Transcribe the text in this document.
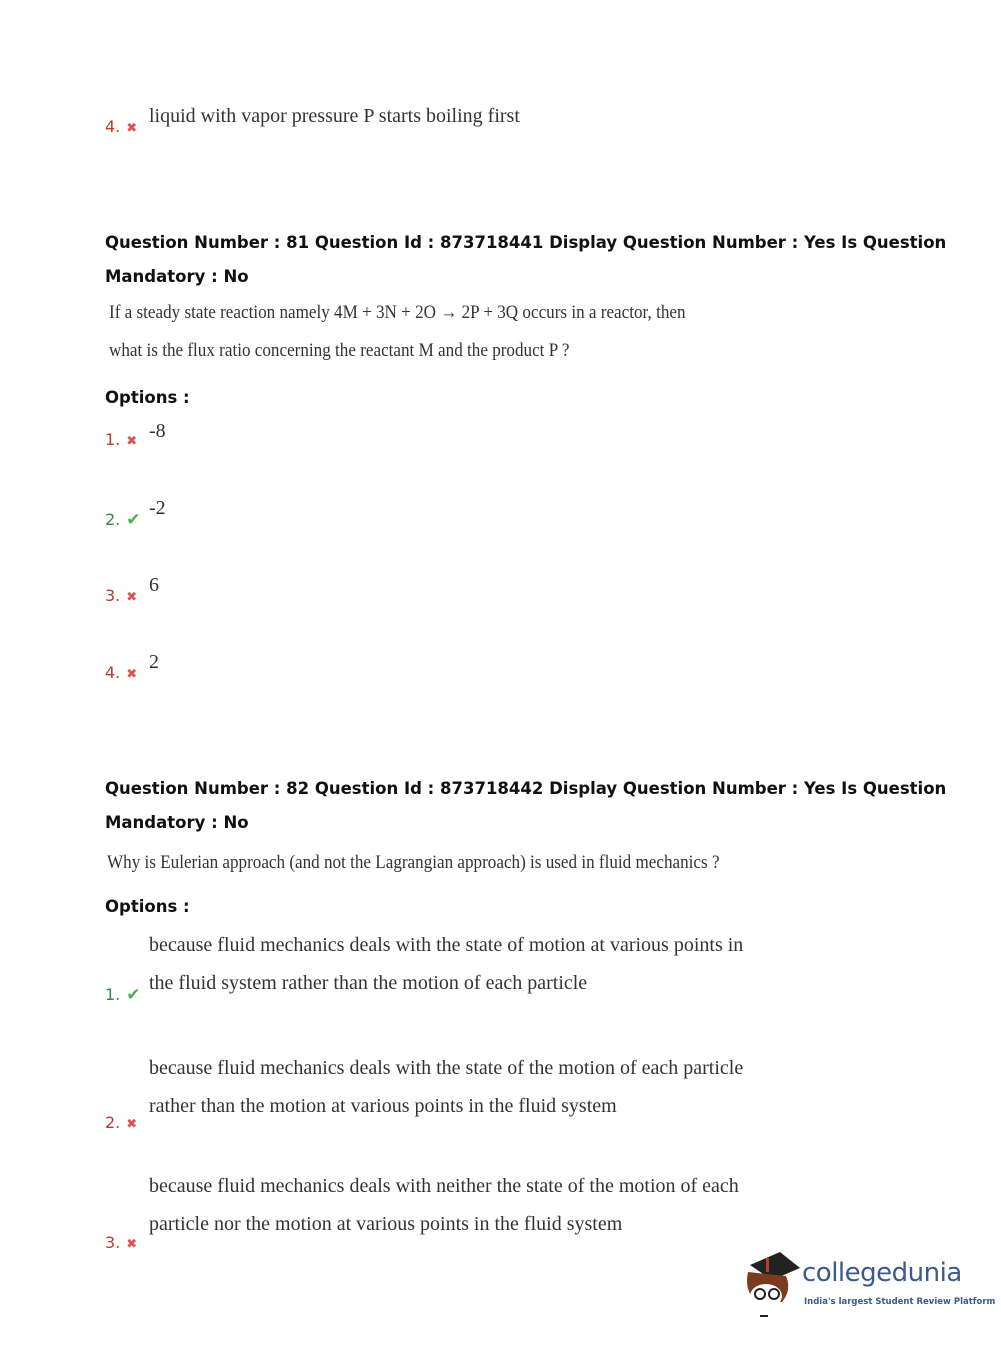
4. ✖
liquid with vapor pressure P starts boiling first
Question Number : 81 Question Id : 873718441 Display Question Number : Yes Is Question
Mandatory : No
If a steady state reaction namely 4M + 3N + 2O → 2P + 3Q occurs in a reactor, then
what is the flux ratio concerning the reactant M and the product P ?
Options :
1. ✖ -8
2. ✔
-2
3. ✖
6
4. ✖
2
Question Number : 82 Question Id : 873718442 Display Question Number : Yes Is Question
Mandatory : No
Why is Eulerian approach (and not the Lagrangian approach) is used in fluid mechanics ?
Options :
because fluid mechanics deals with the state of motion at various points in
the fluid system rather than the motion of each particle
1. ✔
because fluid mechanics deals with the state of the motion of each particle
rather than the motion at various points in the fluid system
2. ✖
because fluid mechanics deals with neither the state of the motion of each
particle nor the motion at various points in the fluid system
3. ✖
collegedunia
India's largest Student Review Platform
